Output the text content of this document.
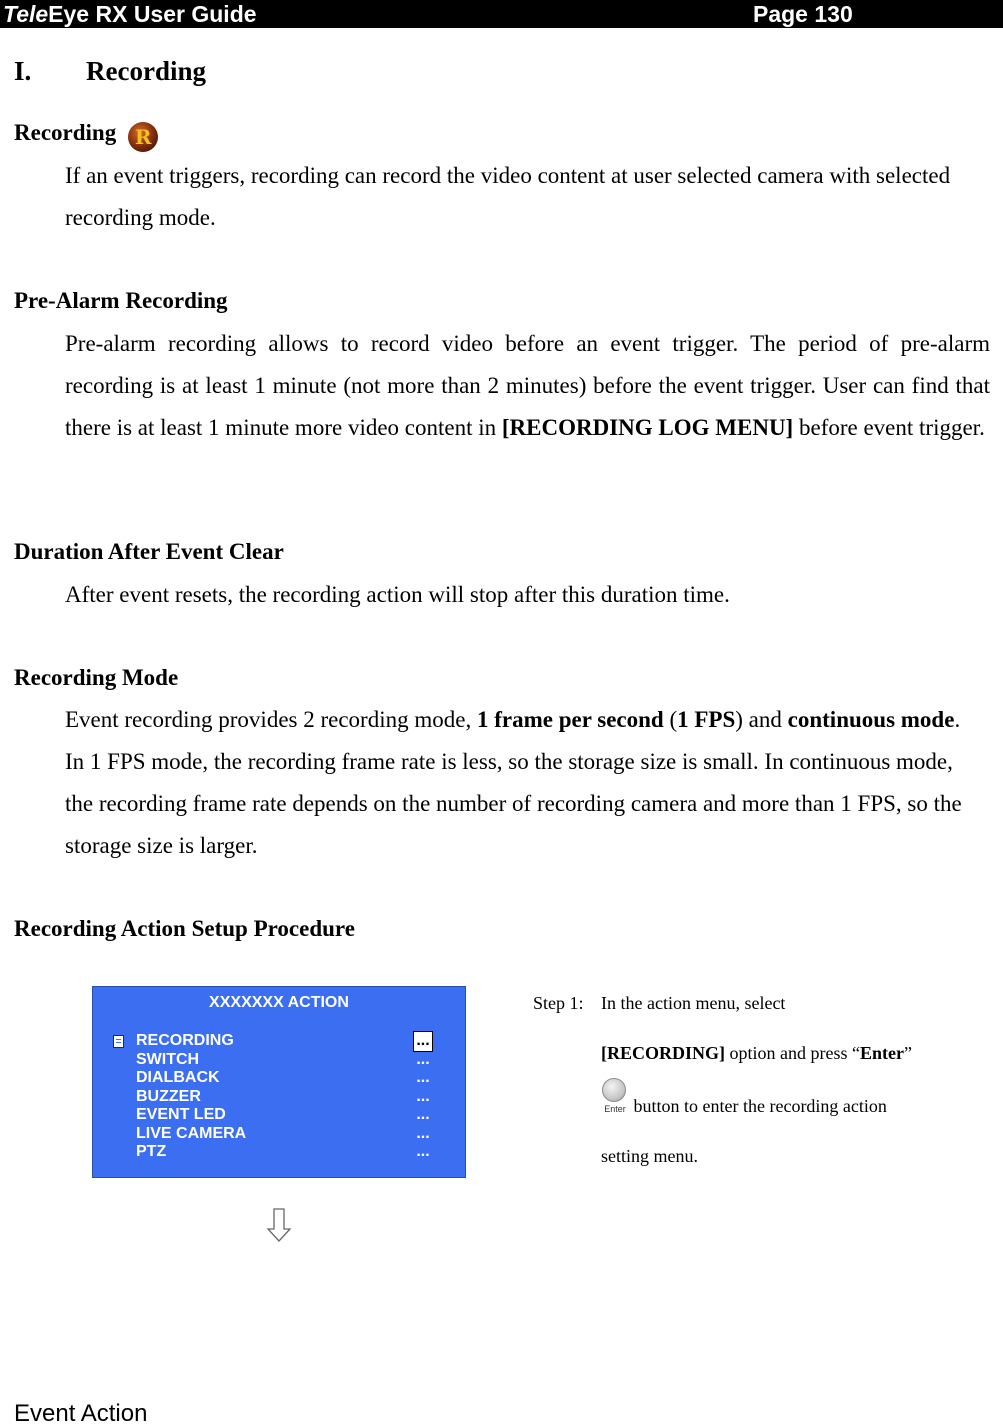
TeleEye RX User Guide	Page 130
I. Recording
Recording R
If an event triggers, recording can record the video content at user selected camera with selected recording mode.
Pre-Alarm Recording
Pre-alarm recording allows to record video before an event trigger. The period of pre-alarm recording is at least 1 minute (not more than 2 minutes) before the event trigger. User can find that there is at least 1 minute more video content in [RECORDING LOG MENU] before event trigger.
Duration After Event Clear
After event resets, the recording action will stop after this duration time.
Recording Mode
Event recording provides 2 recording mode, 1 frame per second (1 FPS) and continuous mode. In 1 FPS mode, the recording frame rate is less, so the storage size is small. In continuous mode, the recording frame rate depends on the number of recording camera and more than 1 FPS, so the storage size is larger.
Recording Action Setup Procedure
XXXXXXX ACTION
RECORDING	...
SWITCH	...
DIALBACK	...
BUZZER	...
EVENT LED	...
LIVE CAMERA	...
PTZ	...
Step 1: In the action menu, select
[RECORDING] option and press “Enter”
Enter button to enter the recording action
setting menu.
Event Action
